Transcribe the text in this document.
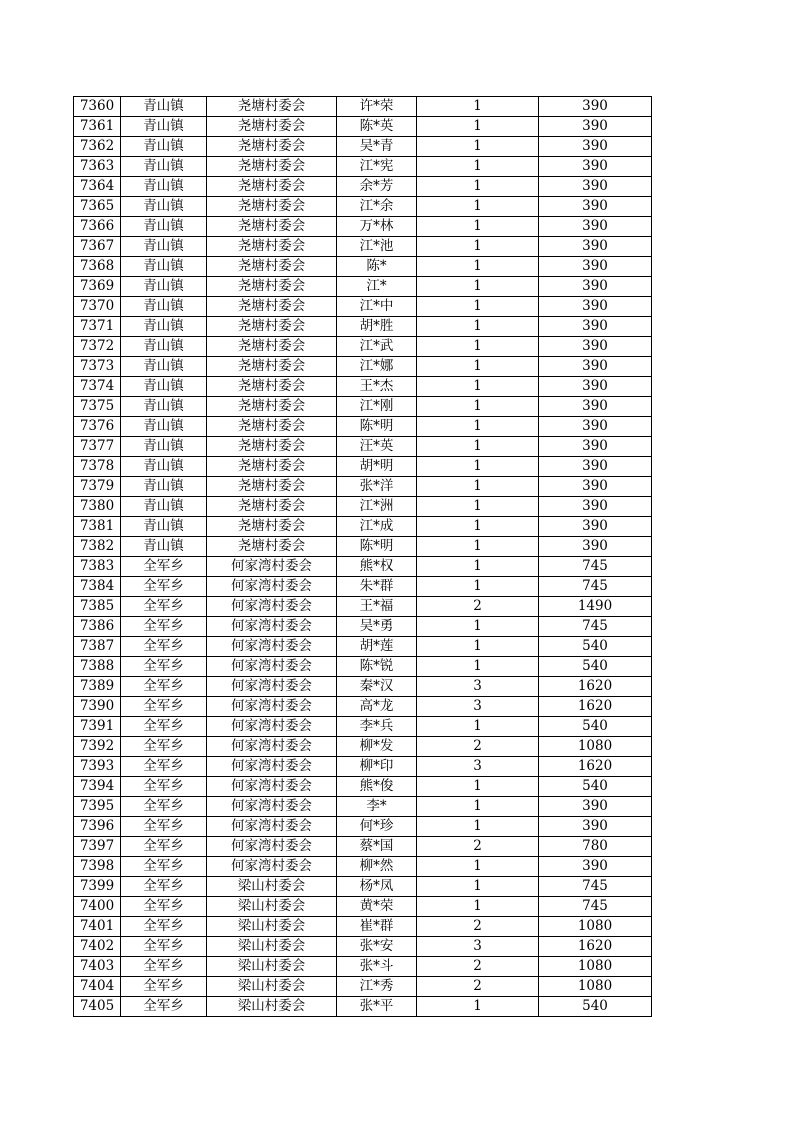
7360	青山镇	尧塘村委会	许*荣	1	390
7361	青山镇	尧塘村委会	陈*英	1	390
7362	青山镇	尧塘村委会	吴*青	1	390
7363	青山镇	尧塘村委会	江*宪	1	390
7364	青山镇	尧塘村委会	余*芳	1	390
7365	青山镇	尧塘村委会	江*余	1	390
7366	青山镇	尧塘村委会	万*林	1	390
7367	青山镇	尧塘村委会	江*池	1	390
7368	青山镇	尧塘村委会	陈*	1	390
7369	青山镇	尧塘村委会	江*	1	390
7370	青山镇	尧塘村委会	江*中	1	390
7371	青山镇	尧塘村委会	胡*胜	1	390
7372	青山镇	尧塘村委会	江*武	1	390
7373	青山镇	尧塘村委会	江*娜	1	390
7374	青山镇	尧塘村委会	王*杰	1	390
7375	青山镇	尧塘村委会	江*刚	1	390
7376	青山镇	尧塘村委会	陈*明	1	390
7377	青山镇	尧塘村委会	汪*英	1	390
7378	青山镇	尧塘村委会	胡*明	1	390
7379	青山镇	尧塘村委会	张*洋	1	390
7380	青山镇	尧塘村委会	江*洲	1	390
7381	青山镇	尧塘村委会	江*成	1	390
7382	青山镇	尧塘村委会	陈*明	1	390
7383	全军乡	何家湾村委会	熊*权	1	745
7384	全军乡	何家湾村委会	朱*群	1	745
7385	全军乡	何家湾村委会	王*福	2	1490
7386	全军乡	何家湾村委会	吴*勇	1	745
7387	全军乡	何家湾村委会	胡*莲	1	540
7388	全军乡	何家湾村委会	陈*锐	1	540
7389	全军乡	何家湾村委会	秦*汉	3	1620
7390	全军乡	何家湾村委会	高*龙	3	1620
7391	全军乡	何家湾村委会	李*兵	1	540
7392	全军乡	何家湾村委会	柳*发	2	1080
7393	全军乡	何家湾村委会	柳*印	3	1620
7394	全军乡	何家湾村委会	熊*俊	1	540
7395	全军乡	何家湾村委会	李*	1	390
7396	全军乡	何家湾村委会	何*珍	1	390
7397	全军乡	何家湾村委会	蔡*国	2	780
7398	全军乡	何家湾村委会	柳*然	1	390
7399	全军乡	梁山村委会	杨*凤	1	745
7400	全军乡	梁山村委会	黄*荣	1	745
7401	全军乡	梁山村委会	崔*群	2	1080
7402	全军乡	梁山村委会	张*安	3	1620
7403	全军乡	梁山村委会	张*斗	2	1080
7404	全军乡	梁山村委会	江*秀	2	1080
7405	全军乡	梁山村委会	张*平	1	540
